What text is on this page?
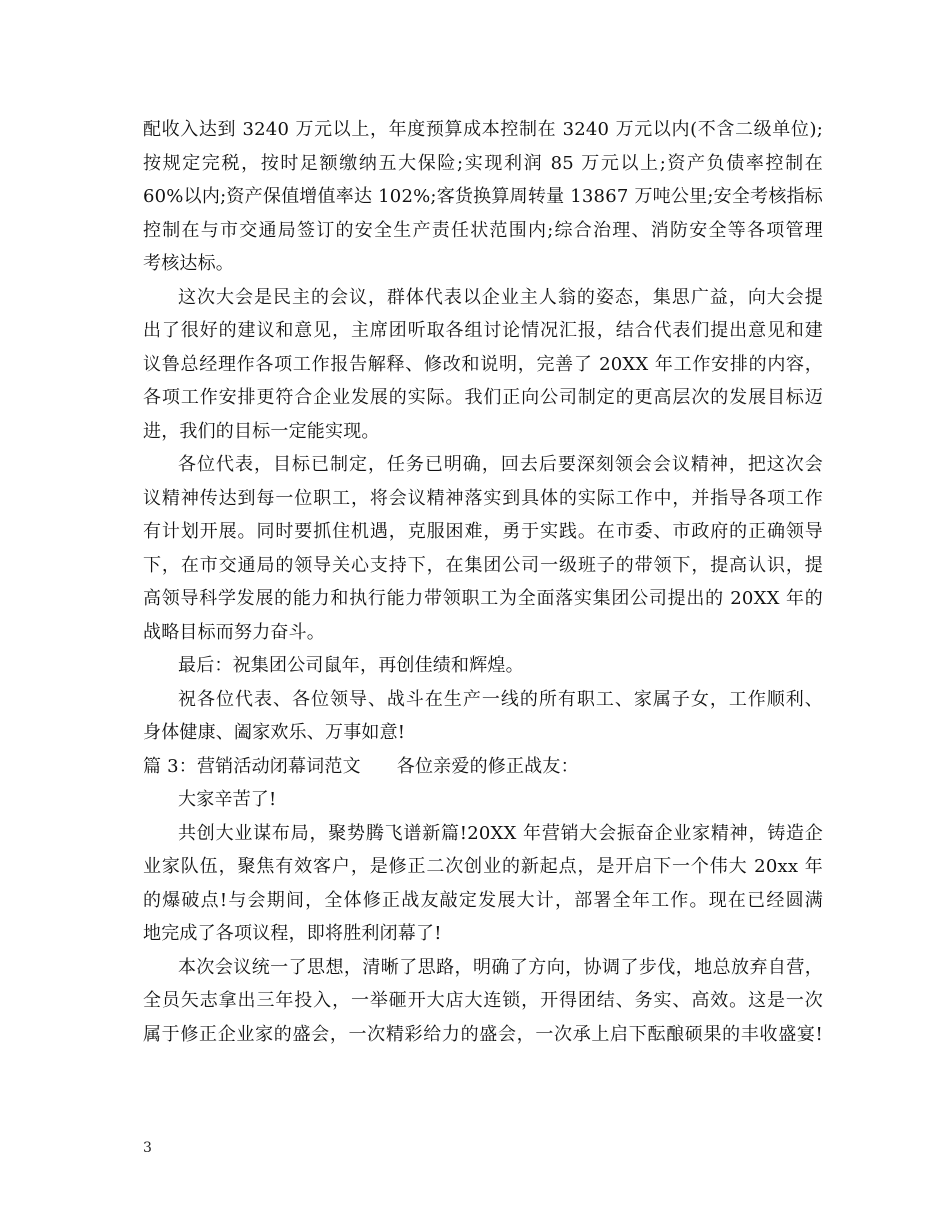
配收入达到 3240 万元以上，年度预算成本控制在 3240 万元以内(不含二级单位);
按规定完税，按时足额缴纳五大保险;实现利润 85 万元以上;资产负债率控制在
60%以内;资产保值增值率达 102%;客货换算周转量 13867 万吨公里;安全考核指标
控制在与市交通局签订的安全生产责任状范围内;综合治理、消防安全等各项管理
考核达标。
这次大会是民主的会议，群体代表以企业主人翁的姿态，集思广益，向大会提
出了很好的建议和意见，主席团听取各组讨论情况汇报，结合代表们提出意见和建
议鲁总经理作各项工作报告解释、修改和说明，完善了 20XX 年工作安排的内容，
各项工作安排更符合企业发展的实际。我们正向公司制定的更高层次的发展目标迈
进，我们的目标一定能实现。
各位代表，目标已制定，任务已明确，回去后要深刻领会会议精神，把这次会
议精神传达到每一位职工，将会议精神落实到具体的实际工作中，并指导各项工作
有计划开展。同时要抓住机遇，克服困难，勇于实践。在市委、市政府的正确领导
下，在市交通局的领导关心支持下，在集团公司一级班子的带领下，提高认识，提
高领导科学发展的能力和执行能力带领职工为全面落实集团公司提出的 20XX 年的
战略目标而努力奋斗。
最后：祝集团公司鼠年，再创佳绩和辉煌。
祝各位代表、各位领导、战斗在生产一线的所有职工、家属子女，工作顺利、
身体健康、阖家欢乐、万事如意!
篇 3：营销活动闭幕词范文 各位亲爱的修正战友：
大家辛苦了!
共创大业谋布局，聚势腾飞谱新篇!20XX 年营销大会振奋企业家精神，铸造企
业家队伍，聚焦有效客户，是修正二次创业的新起点，是开启下一个伟大 20xx 年
的爆破点!与会期间，全体修正战友敲定发展大计，部署全年工作。现在已经圆满
地完成了各项议程，即将胜利闭幕了!
本次会议统一了思想，清晰了思路，明确了方向，协调了步伐，地总放弃自营，
全员矢志拿出三年投入，一举砸开大店大连锁，开得团结、务实、高效。这是一次
属于修正企业家的盛会，一次精彩给力的盛会，一次承上启下酝酿硕果的丰收盛宴!
3
